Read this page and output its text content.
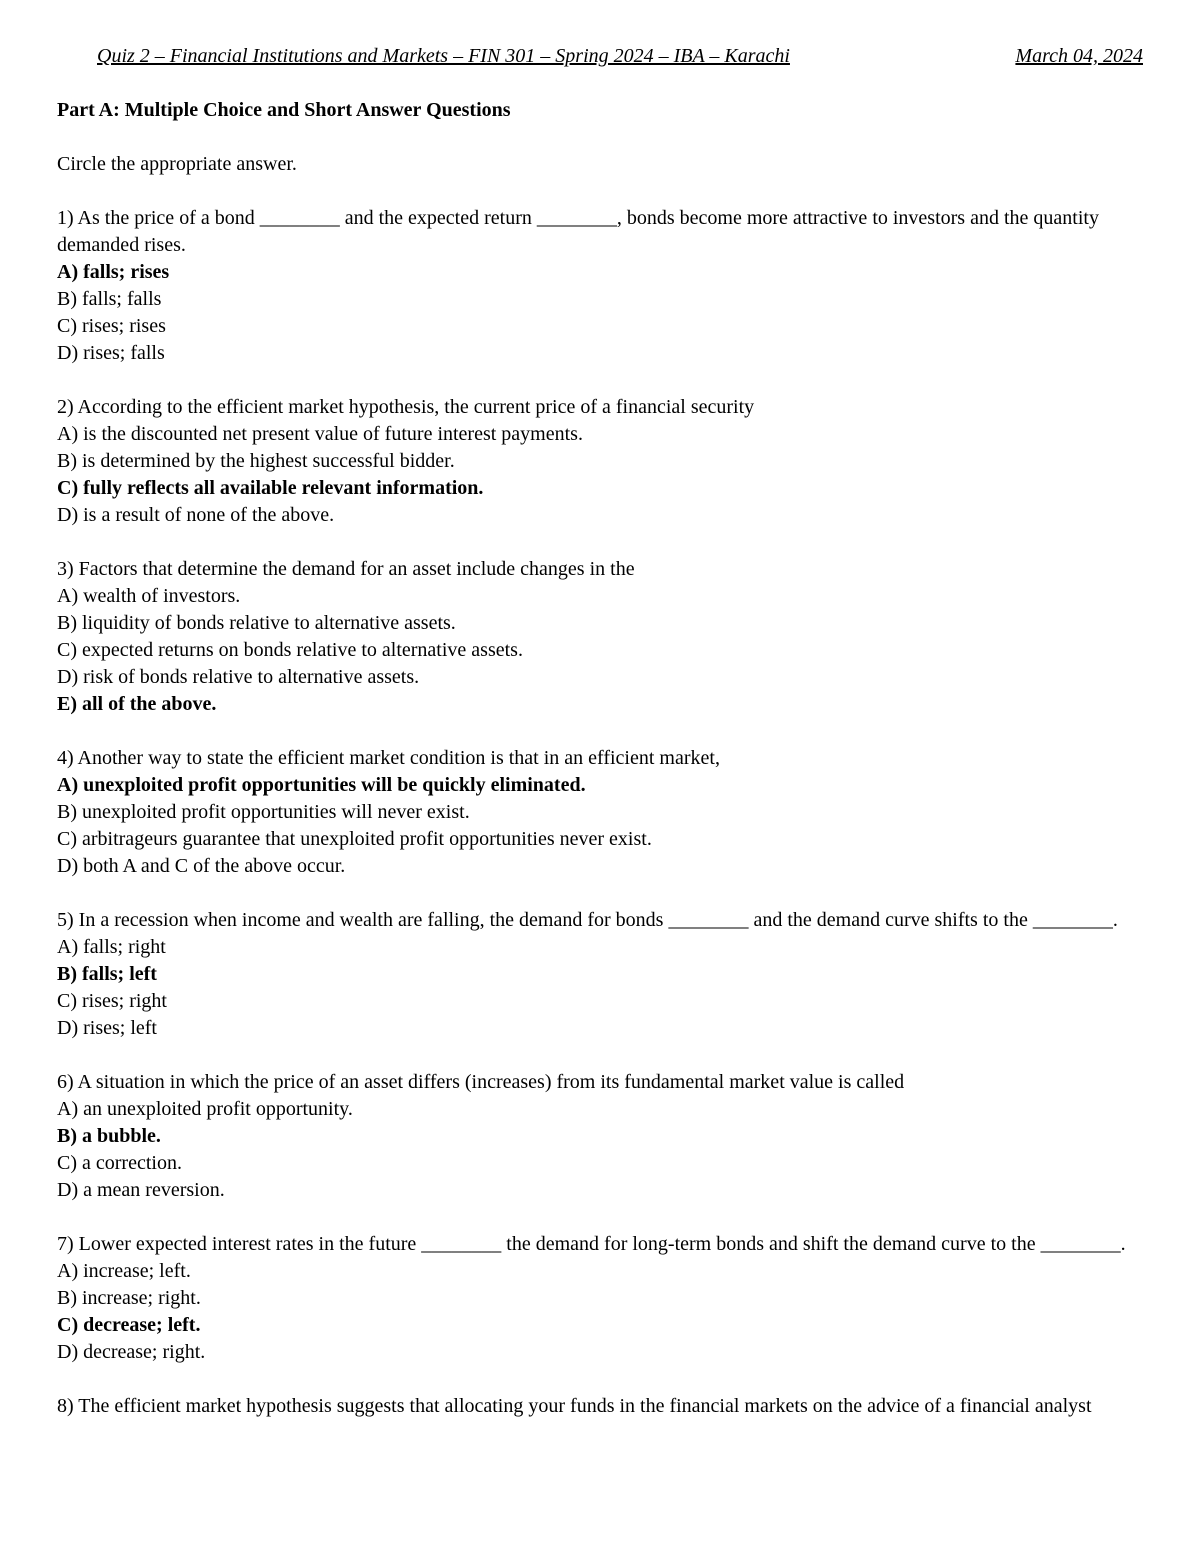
Quiz 2 – Financial Institutions and Markets – FIN 301 – Spring 2024 – IBA – Karachi	March 04, 2024
Part A: Multiple Choice and Short Answer Questions
Circle the appropriate answer.
1) As the price of a bond ________ and the expected return ________, bonds become more attractive to investors and the quantity demanded rises.
A) falls; rises
B) falls; falls
C) rises; rises
D) rises; falls
2) According to the efficient market hypothesis, the current price of a financial security
A) is the discounted net present value of future interest payments.
B) is determined by the highest successful bidder.
C) fully reflects all available relevant information.
D) is a result of none of the above.
3) Factors that determine the demand for an asset include changes in the
A) wealth of investors.
B) liquidity of bonds relative to alternative assets.
C) expected returns on bonds relative to alternative assets.
D) risk of bonds relative to alternative assets.
E) all of the above.
4) Another way to state the efficient market condition is that in an efficient market,
A) unexploited profit opportunities will be quickly eliminated.
B) unexploited profit opportunities will never exist.
C) arbitrageurs guarantee that unexploited profit opportunities never exist.
D) both A and C of the above occur.
5) In a recession when income and wealth are falling, the demand for bonds ________ and the demand curve shifts to the ________.
A) falls; right
B) falls; left
C) rises; right
D) rises; left
6) A situation in which the price of an asset differs (increases) from its fundamental market value is called
A) an unexploited profit opportunity.
B) a bubble.
C) a correction.
D) a mean reversion.
7) Lower expected interest rates in the future ________ the demand for long-term bonds and shift the demand curve to the ________.
A) increase; left.
B) increase; right.
C) decrease; left.
D) decrease; right.
8) The efficient market hypothesis suggests that allocating your funds in the financial markets on the advice of a financial analyst
